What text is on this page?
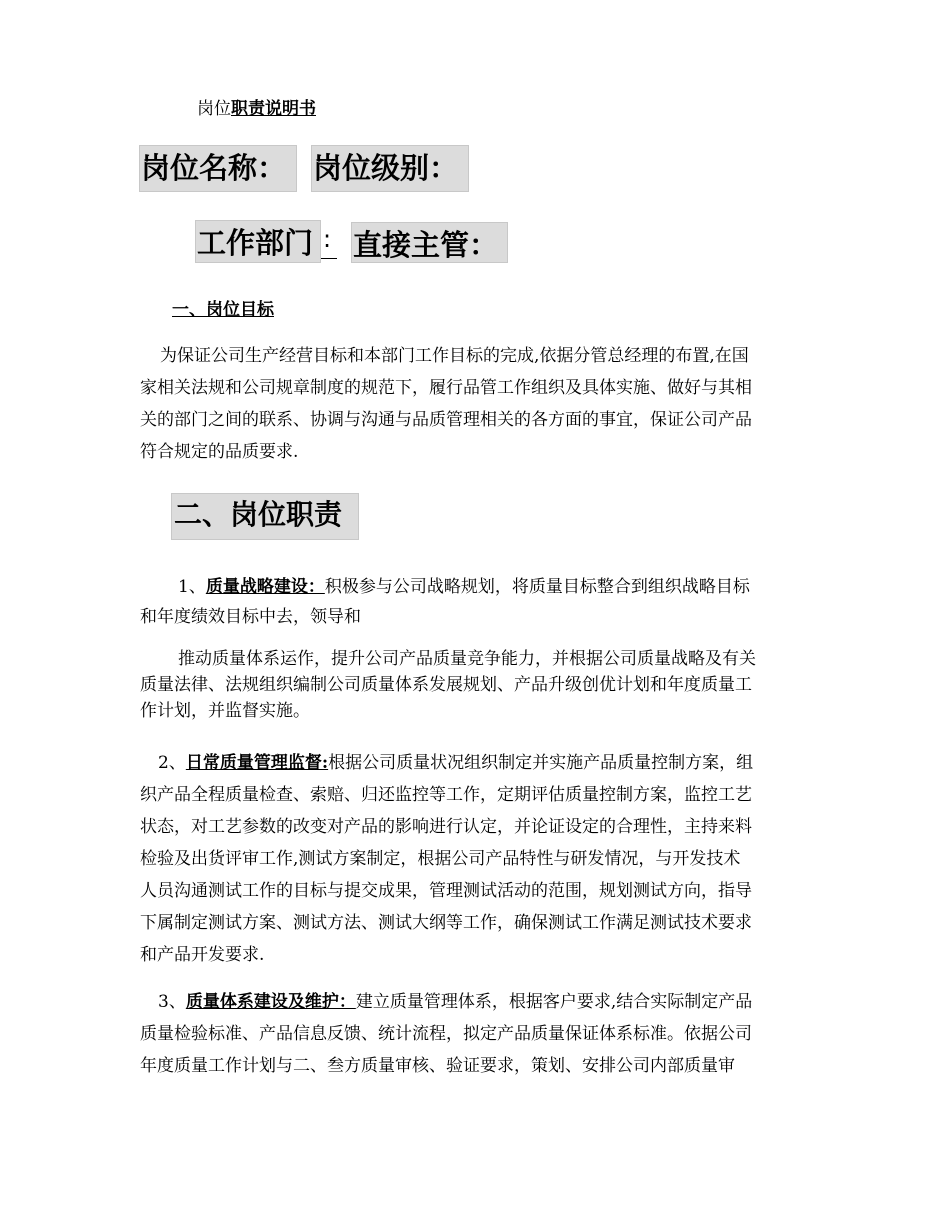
岗位职责说明书
岗位名称： 岗位级别：
工作部门 : 直接主管：
一、岗位目标
为保证公司生产经营目标和本部门工作目标的完成,依据分管总经理的布置,在国
家相关法规和公司规章制度的规范下，履行品管工作组织及具体实施、做好与其相
关的部门之间的联系、协调与沟通与品质管理相关的各方面的事宜，保证公司产品
符合规定的品质要求.
二、岗位职责
1、质量战略建设：积极参与公司战略规划，将质量目标整合到组织战略目标
和年度绩效目标中去，领导和
推动质量体系运作，提升公司产品质量竞争能力，并根据公司质量战略及有关
质量法律、法规组织编制公司质量体系发展规划、产品升级创优计划和年度质量工
作计划，并监督实施。
2、日常质量管理监督:根据公司质量状况组织制定并实施产品质量控制方案，组
织产品全程质量检查、索赔、归还监控等工作，定期评估质量控制方案，监控工艺
状态，对工艺参数的改变对产品的影响进行认定，并论证设定的合理性，主持来料
检验及出货评审工作,测试方案制定，根据公司产品特性与研发情况，与开发技术
人员沟通测试工作的目标与提交成果，管理测试活动的范围，规划测试方向，指导
下属制定测试方案、测试方法、测试大纲等工作，确保测试工作满足测试技术要求
和产品开发要求.
3、质量体系建设及维护：建立质量管理体系，根据客户要求,结合实际制定产品
质量检验标准、产品信息反馈、统计流程，拟定产品质量保证体系标准。依据公司
年度质量工作计划与二、叁方质量审核、验证要求，策划、安排公司内部质量审
